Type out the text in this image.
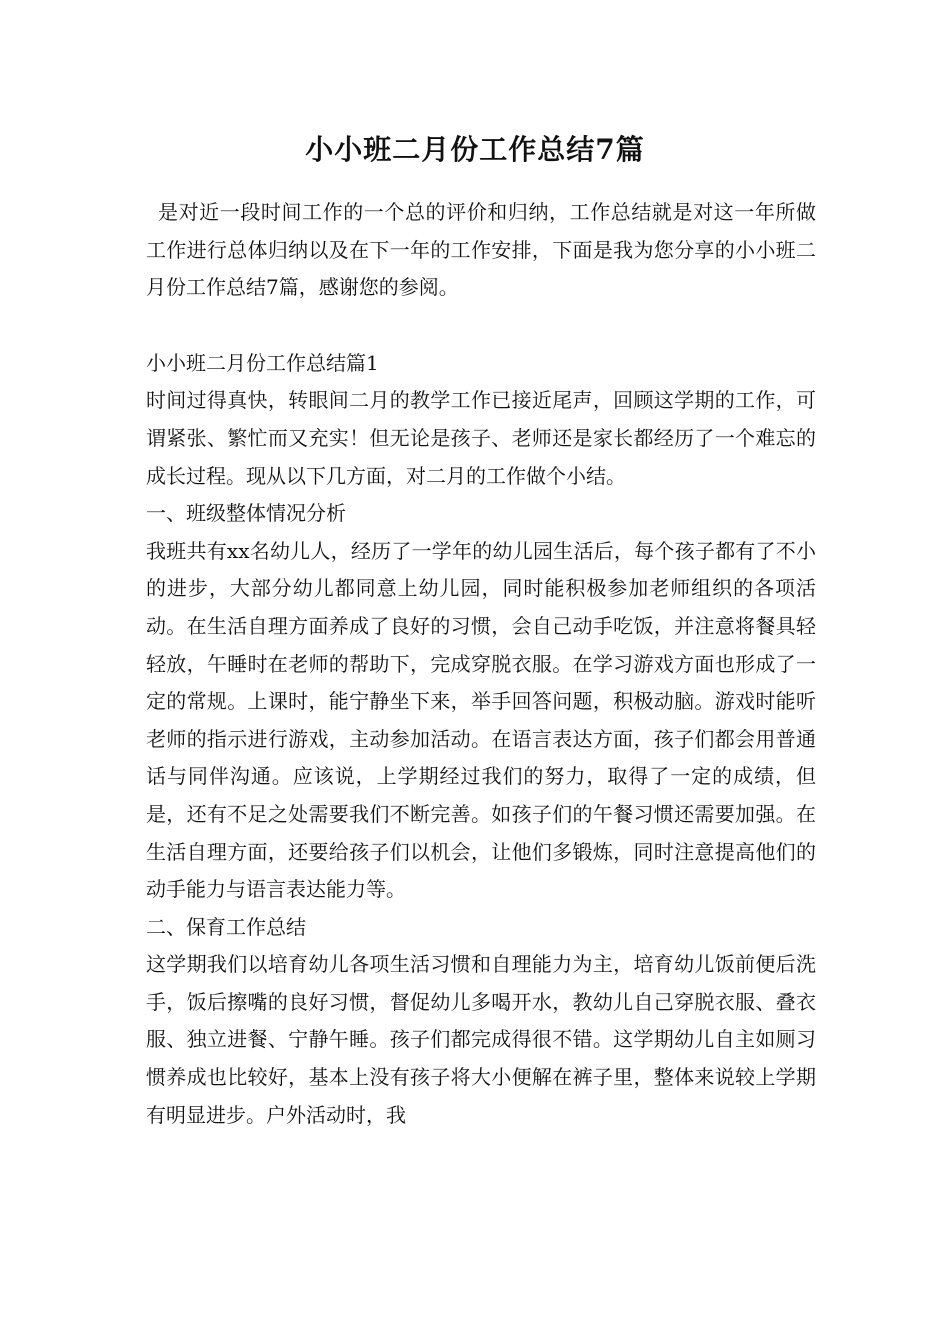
小小班二月份工作总结7篇

是对近一段时间工作的一个总的评价和归纳，工作总结就是对这一年所做工作进行总体归纳以及在下一年的工作安排，下面是我为您分享的小小班二月份工作总结7篇，感谢您的参阅。

小小班二月份工作总结篇1

时间过得真快，转眼间二月的教学工作已接近尾声，回顾这学期的工作，可谓紧张、繁忙而又充实！但无论是孩子、老师还是家长都经历了一个难忘的成长过程。现从以下几方面，对二月的工作做个小结。

一、班级整体情况分析

我班共有xx名幼儿人，经历了一学年的幼儿园生活后，每个孩子都有了不小的进步，大部分幼儿都同意上幼儿园，同时能积极参加老师组织的各项活动。在生活自理方面养成了良好的习惯，会自己动手吃饭，并注意将餐具轻轻放，午睡时在老师的帮助下，完成穿脱衣服。在学习游戏方面也形成了一定的常规。上课时，能宁静坐下来，举手回答问题，积极动脑。游戏时能听老师的指示进行游戏，主动参加活动。在语言表达方面，孩子们都会用普通话与同伴沟通。应该说，上学期经过我们的努力，取得了一定的成绩，但是，还有不足之处需要我们不断完善。如孩子们的午餐习惯还需要加强。在生活自理方面，还要给孩子们以机会，让他们多锻炼，同时注意提高他们的动手能力与语言表达能力等。

二、保育工作总结

这学期我们以培育幼儿各项生活习惯和自理能力为主，培育幼儿饭前便后洗手，饭后擦嘴的良好习惯，督促幼儿多喝开水，教幼儿自己穿脱衣服、叠衣服、独立进餐、宁静午睡。孩子们都完成得很不错。这学期幼儿自主如厕习惯养成也比较好，基本上没有孩子将大小便解在裤子里，整体来说较上学期有明显进步。户外活动时，我
